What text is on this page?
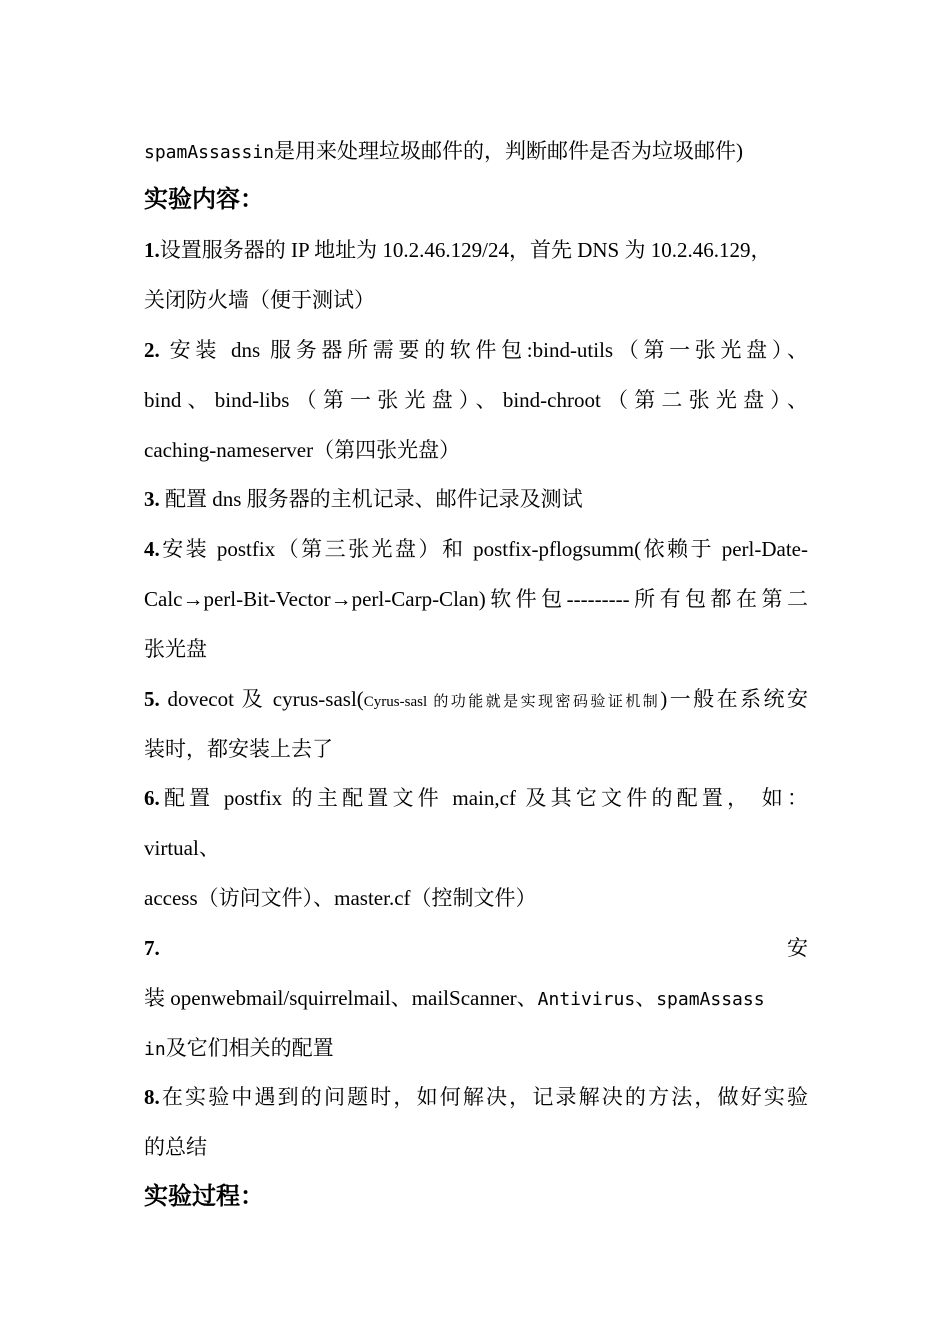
spamAssassin是用来处理垃圾邮件的，判断邮件是否为垃圾邮件)
实验内容：
1.设置服务器的 IP 地址为 10.2.46.129/24，首先 DNS 为 10.2.46.129，
关闭防火墙（便于测试）
2. 安装 dns 服务器所需要的软件包:bind-utils（第一张光盘）、
bind、bind-libs（第一张光盘）、bind-chroot（第二张光盘）、
caching-nameserver（第四张光盘）
3. 配置 dns 服务器的主机记录、邮件记录及测试
4.安装 postfix（第三张光盘）和 postfix-pflogsumm(依赖于 perl-Date-
Calc→perl-Bit-Vector→perl-Carp-Clan)软件包---------所有包都在第二
张光盘
5. dovecot 及 cyrus-sasl(Cyrus-sasl 的功能就是实现密码验证机制)一般在系统安
装时，都安装上去了
6.配置 postfix 的主配置文件 main,cf 及其它文件的配置， 如：
virtual、
access（访问文件）、master.cf（控制文件）
7.	安
装 openwebmail/squirrelmail、mailScanner、Antivirus、spamAssass
in及它们相关的配置
8.在实验中遇到的问题时，如何解决，记录解决的方法，做好实验
的总结
实验过程：
